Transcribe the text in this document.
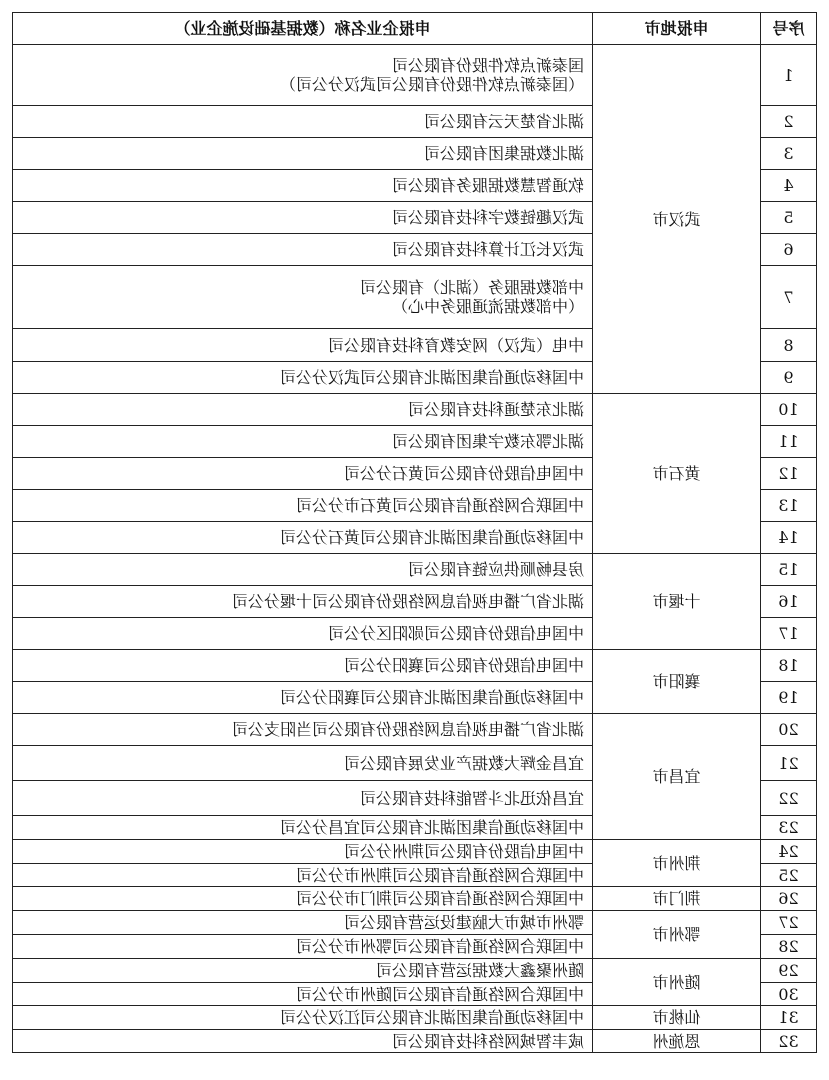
序号	申报地市	申报企业名称（数据基础设施企业）
1	武汉市	国泰新点软件股份有限公司
（国泰新点软件股份有限公司武汉分公司）
2		湖北省楚天云有限公司
3		湖北数据集团有限公司
4		软通智慧数据服务有限公司
5		武汉趣链数字科技有限公司
6		武汉长江计算科技有限公司
7		中部数据服务（湖北）有限公司
（中部数据流通服务中心）
8		中电（武汉）网安教育科技有限公司
9		中国移动通信集团湖北有限公司武汉分公司
10	黄石市	湖北东楚通科技有限公司
11		湖北鄂东数字集团有限公司
12		中国电信股份有限公司黄石分公司
13		中国联合网络通信有限公司黄石市分公司
14		中国移动通信集团湖北有限公司黄石分公司
15	十堰市	房县畅顺供应链有限公司
16		湖北省广播电视信息网络股份有限公司十堰分公司
17		中国电信股份有限公司郧阳区分公司
18	襄阳市	中国电信股份有限公司襄阳分公司
19		中国移动通信集团湖北有限公司襄阳分公司
20	宜昌市	湖北省广播电视信息网络股份有限公司当阳支公司
21		宜昌金辉大数据产业发展有限公司
22		宜昌依迅北斗智能科技有限公司
23		中国移动通信集团湖北有限公司宜昌分公司
24	荆州市	中国电信股份有限公司荆州分公司
25		中国联合网络通信有限公司荆州市分公司
26	荆门市	中国联合网络通信有限公司荆门市分公司
27	鄂州市	鄂州市城市大脑建设运营有限公司
28		中国联合网络通信有限公司鄂州市分公司
29	随州市	随州聚鑫大数据运营有限公司
30		中国联合网络通信有限公司随州市分公司
31	仙桃市	中国移动通信集团湖北有限公司江汉分公司
32	恩施州	咸丰智城网络科技有限公司
